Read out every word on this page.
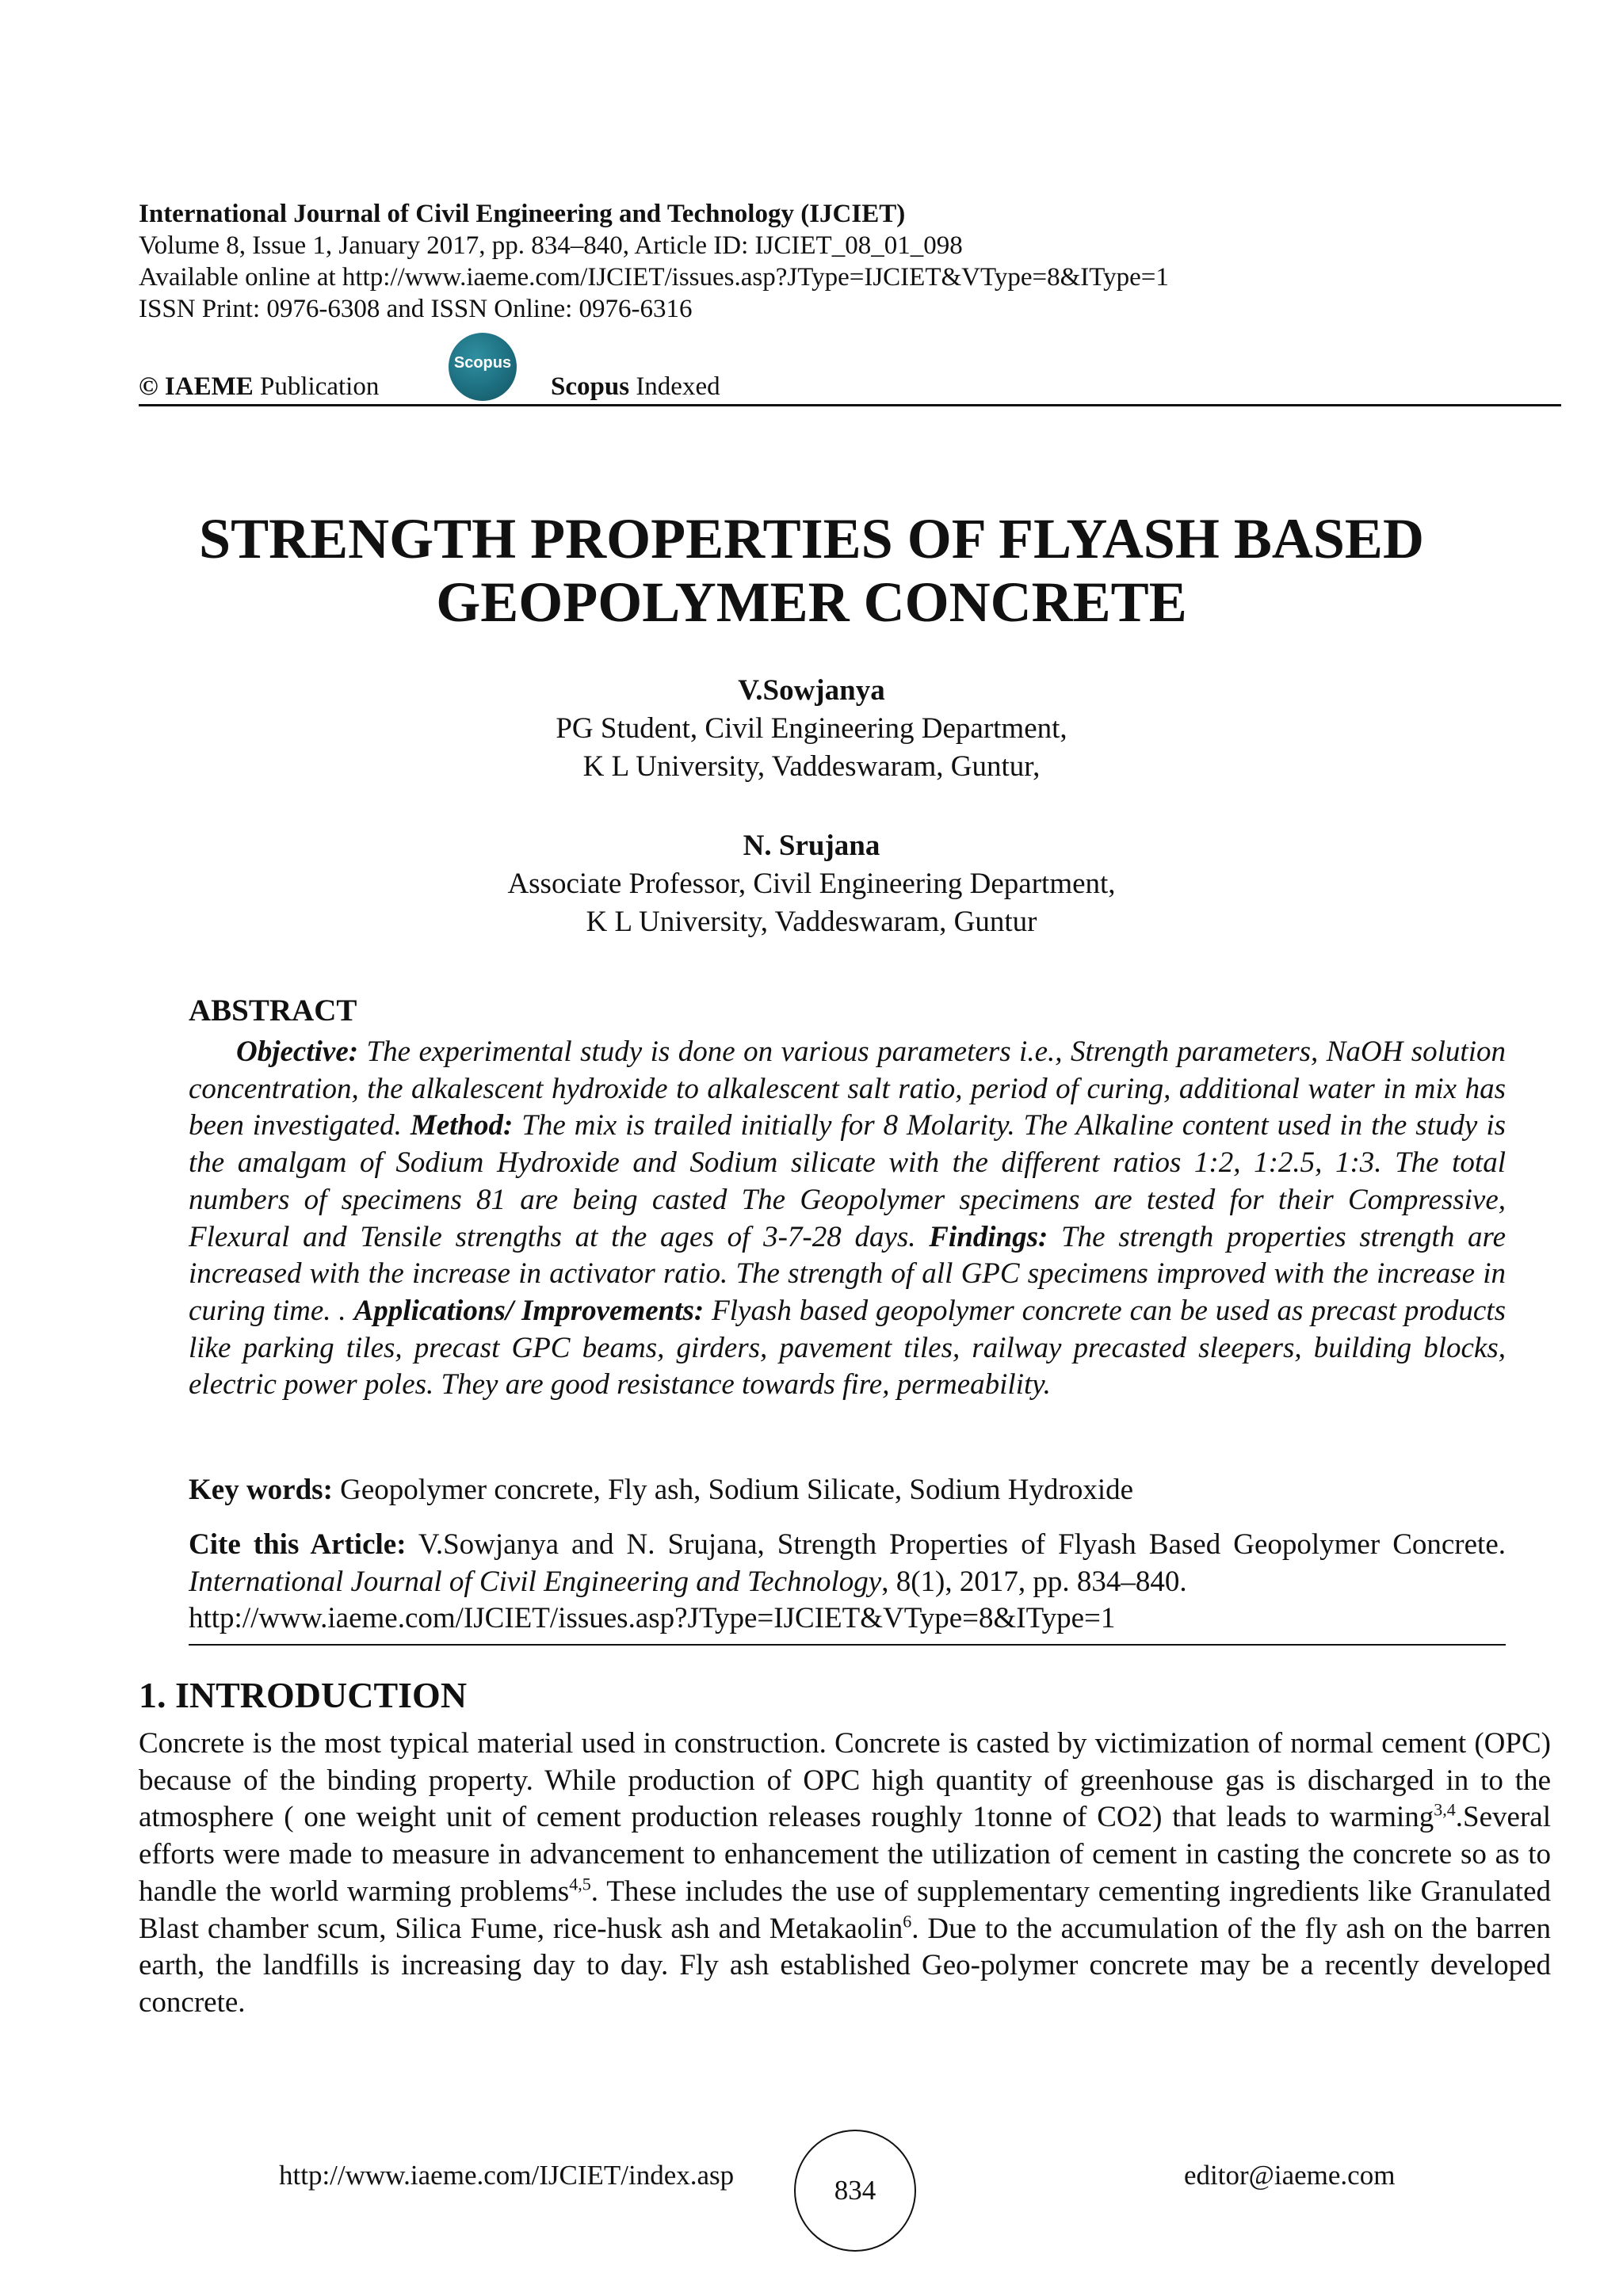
International Journal of Civil Engineering and Technology (IJCIET)

Volume 8, Issue 1, January 2017, pp. 834–840, Article ID: IJCIET_08_01_098

Available online at http://www.iaeme.com/IJCIET/issues.asp?JType=IJCIET&VType=8&IType=1

ISSN Print: 0976-6308 and ISSN Online: 0976-6316

© IAEME Publication
Scopus
Scopus Indexed
STRENGTH PROPERTIES OF FLYASH BASED
GEOPOLYMER CONCRETE
V.Sowjanya
PG Student, Civil Engineering Department,
K L University, Vaddeswaram, Guntur,
N. Srujana
Associate Professor, Civil Engineering Department,
K L University, Vaddeswaram, Guntur
ABSTRACT

Objective: The experimental study is done on various parameters i.e., Strength parameters, NaOH solution concentration, the alkalescent hydroxide to alkalescent salt ratio, period of curing, additional water in mix has been investigated. Method: The mix is trailed initially for 8 Molarity. The Alkaline content used in the study is the amalgam of Sodium Hydroxide and Sodium silicate with the different ratios 1:2, 1:2.5, 1:3. The total numbers of specimens 81 are being casted The Geopolymer specimens are tested for their Compressive, Flexural and Tensile strengths at the ages of 3-7-28 days. Findings: The strength properties strength are increased with the increase in activator ratio. The strength of all GPC specimens improved with the increase in curing time. . Applications/ Improvements: Flyash based geopolymer concrete can be used as precast products like parking tiles, precast GPC beams, girders, pavement tiles, railway precasted sleepers, building blocks, electric power poles. They are good resistance towards fire, permeability.

Key words: Geopolymer concrete, Fly ash, Sodium Silicate, Sodium Hydroxide

Cite this Article: V.Sowjanya and N. Srujana, Strength Properties of Flyash Based Geopolymer Concrete. International Journal of Civil Engineering and Technology, 8(1), 2017, pp. 834–840.
http://www.iaeme.com/IJCIET/issues.asp?JType=IJCIET&VType=8&IType=1

1. INTRODUCTION

Concrete is the most typical material used in construction. Concrete is casted by victimization of normal cement (OPC) because of the binding property. While production of OPC high quantity of greenhouse gas is discharged in to the atmosphere ( one weight unit of cement production releases roughly 1tonne of CO2) that leads to warming$^{3,4}$.Several efforts were made to measure in advancement to enhancement the utilization of cement in casting the concrete so as to handle the world warming problems$^{4,5}$. These includes the use of supplementary cementing ingredients like Granulated Blast chamber scum, Silica Fume, rice-husk ash and Metakaolin$^6$. Due to the accumulation of the fly ash on the barren earth, the landfills is increasing day to day. Fly ash established Geo-polymer concrete may be a recently developed concrete.

http://www.iaeme.com/IJCIET/index.asp	834	editor@iaeme.com
